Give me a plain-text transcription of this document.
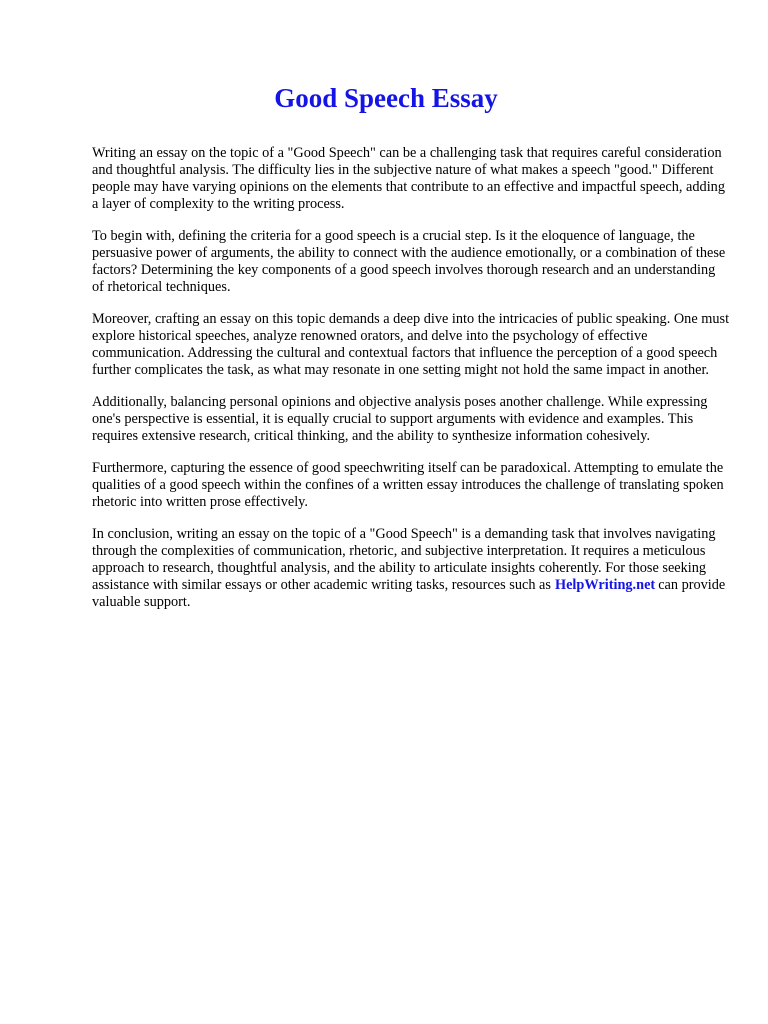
Good Speech Essay

Writing an essay on the topic of a "Good Speech" can be a challenging task that requires careful consideration and thoughtful analysis. The difficulty lies in the subjective nature of what makes a speech "good." Different people may have varying opinions on the elements that contribute to an effective and impactful speech, adding a layer of complexity to the writing process.

To begin with, defining the criteria for a good speech is a crucial step. Is it the eloquence of language, the persuasive power of arguments, the ability to connect with the audience emotionally, or a combination of these factors? Determining the key components of a good speech involves thorough research and an understanding of rhetorical techniques.

Moreover, crafting an essay on this topic demands a deep dive into the intricacies of public speaking. One must explore historical speeches, analyze renowned orators, and delve into the psychology of effective communication. Addressing the cultural and contextual factors that influence the perception of a good speech further complicates the task, as what may resonate in one setting might not hold the same impact in another.

Additionally, balancing personal opinions and objective analysis poses another challenge. While expressing one's perspective is essential, it is equally crucial to support arguments with evidence and examples. This requires extensive research, critical thinking, and the ability to synthesize information cohesively.

Furthermore, capturing the essence of good speechwriting itself can be paradoxical. Attempting to emulate the qualities of a good speech within the confines of a written essay introduces the challenge of translating spoken rhetoric into written prose effectively.

In conclusion, writing an essay on the topic of a "Good Speech" is a demanding task that involves navigating through the complexities of communication, rhetoric, and subjective interpretation. It requires a meticulous approach to research, thoughtful analysis, and the ability to articulate insights coherently. For those seeking assistance with similar essays or other academic writing tasks, resources such as HelpWriting.net can provide valuable support.
